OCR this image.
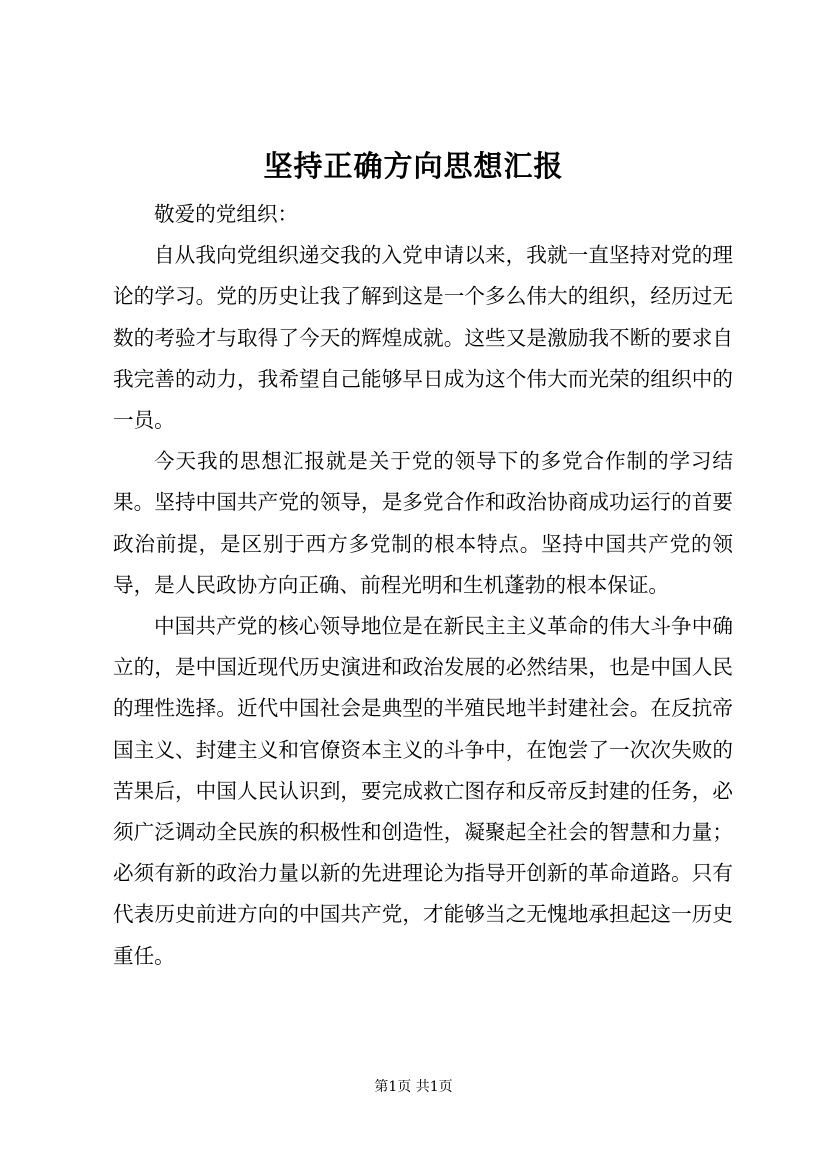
坚持正确方向思想汇报

敬爱的党组织：

自从我向党组织递交我的入党申请以来，我就一直坚持对党的理论的学习。党的历史让我了解到这是一个多么伟大的组织，经历过无数的考验才与取得了今天的辉煌成就。这些又是激励我不断的要求自我完善的动力，我希望自己能够早日成为这个伟大而光荣的组织中的一员。

今天我的思想汇报就是关于党的领导下的多党合作制的学习结果。坚持中国共产党的领导，是多党合作和政治协商成功运行的首要政治前提，是区别于西方多党制的根本特点。坚持中国共产党的领导，是人民政协方向正确、前程光明和生机蓬勃的根本保证。

中国共产党的核心领导地位是在新民主主义革命的伟大斗争中确立的，是中国近现代历史演进和政治发展的必然结果，也是中国人民的理性选择。近代中国社会是典型的半殖民地半封建社会。在反抗帝国主义、封建主义和官僚资本主义的斗争中，在饱尝了一次次失败的苦果后，中国人民认识到，要完成救亡图存和反帝反封建的任务，必须广泛调动全民族的积极性和创造性，凝聚起全社会的智慧和力量；必须有新的政治力量以新的先进理论为指导开创新的革命道路。只有代表历史前进方向的中国共产党，才能够当之无愧地承担起这一历史重任。

第1页 共1页
